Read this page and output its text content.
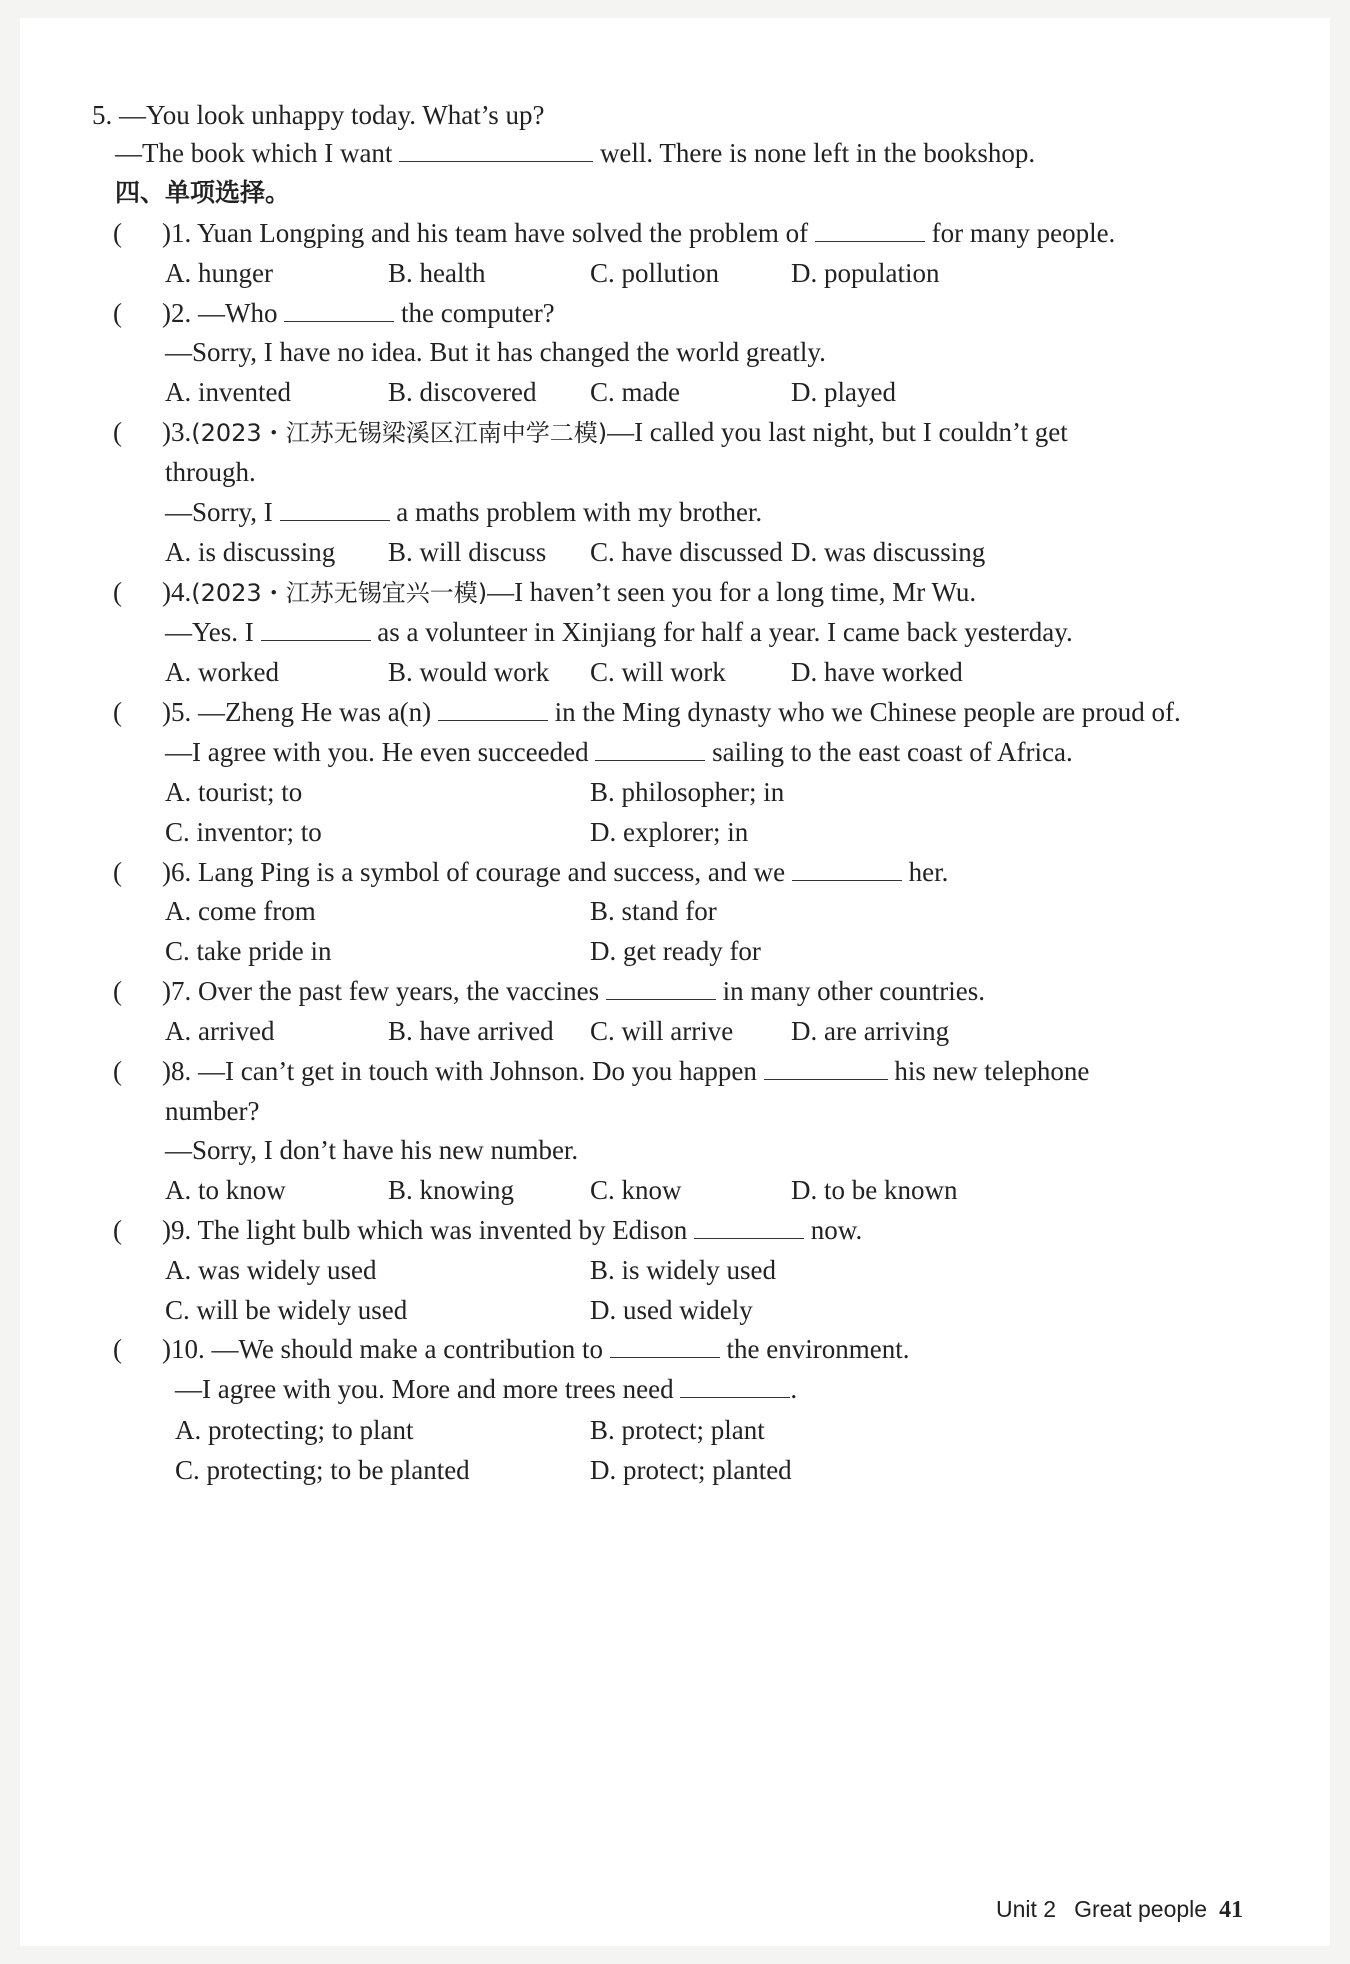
5. —You look unhappy today. What’s up?
—The book which I want	well. There is none left in the bookshop.
四、单项选择。
( )1. Yuan Longping and his team have solved the problem of	for many people.
A. hunger	B. health	C. pollution	D. population
( )2. —Who	the computer?
—Sorry, I have no idea. But it has changed the world greatly.
A. invented	B. discovered C. made	D. played
( )3.(2023・江苏无锡梁溪区江南中学二模)—I called you last night, but I couldn’t get
through.
—Sorry, I	a maths problem with my brother.
A. is discussing B. will discuss C. have discussed D. was discussing
( )4.(2023・江苏无锡宜兴一模)—I haven’t seen you for a long time, Mr Wu.
—Yes. I	as a volunteer in Xinjiang for half a year. I came back yesterday.
A. worked	B. would work C. will work D. have worked
( )5. —Zheng He was a(n)	in the Ming dynasty who we Chinese people are proud of.
—I agree with you. He even succeeded	sailing to the east coast of Africa.
A. tourist; to	B. philosopher; in
C. inventor; to	D. explorer; in
( )6. Lang Ping is a symbol of courage and success, and we	her.
A. come from	B. stand for
C. take pride in	D. get ready for
( )7. Over the past few years, the vaccines	in many other countries.
A. arrived	B. have arrived C. will arrive D. are arriving
( )8. —I can’t get in touch with Johnson. Do you happen	his new telephone
number?
—Sorry, I don’t have his new number.
A. to know	B. knowing	C. know	D. to be known
( )9. The light bulb which was invented by Edison	now.
A. was widely used	B. is widely used
C. will be widely used	D. used widely
( )10. —We should make a contribution to	the environment.
—I agree with you. More and more trees need	.
A. protecting; to plant	B. protect; plant
C. protecting; to be planted	D. protect; planted
Unit 2 Great people 41
